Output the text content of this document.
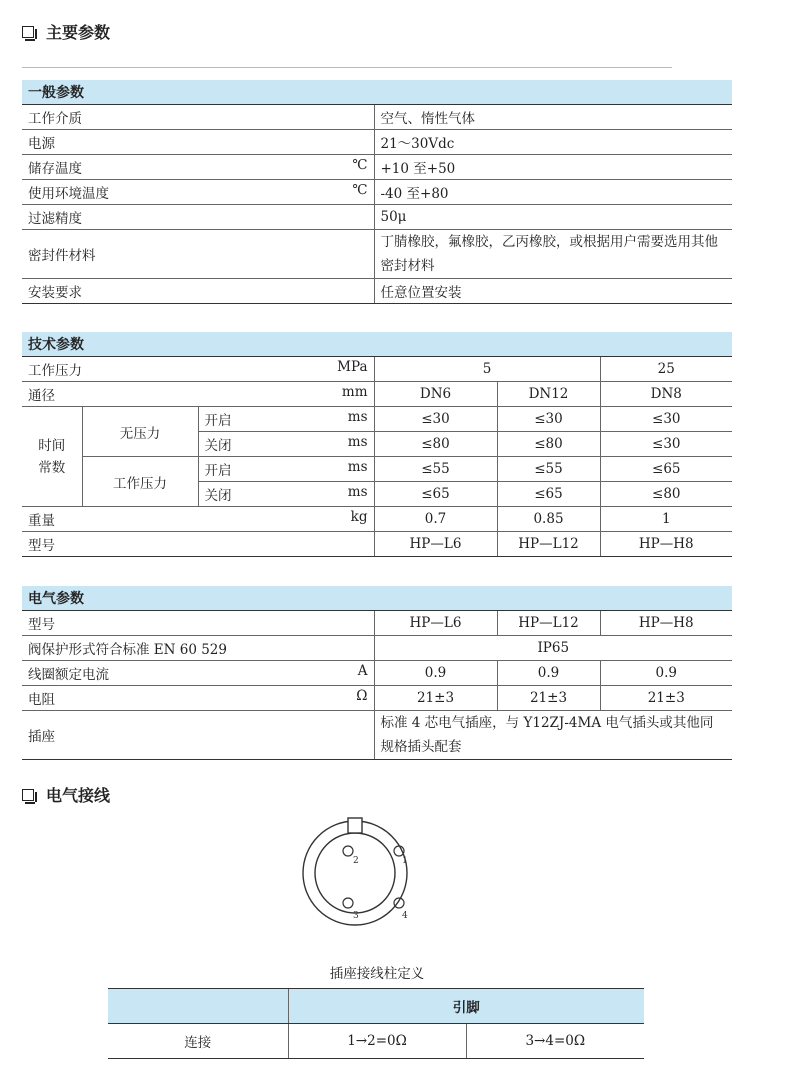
主要参数
一般参数	
工作介质	空气、惰性气体
电源	21～30Vdc
储存温度 ℃	+10 至+50
使用环境温度 ℃	-40 至+80
过滤精度	50μ
密封件材料	丁腈橡胶，氟橡胶，乙丙橡胶，或根据用户需要选用其他密封材料
安装要求	任意位置安装
技术参数					
工作压力 MPa			5		25
通径 mm			DN6	DN12	DN8
时间
常数	无压力	开启 ms	≤30	≤30	≤30
		关闭 ms	≤80	≤80	≤30
	工作压力	开启 ms	≤55	≤55	≤65
		关闭 ms	≤65	≤65	≤80
重量 kg			0.7	0.85	1
型号			HP—L6	HP—L12	HP—H8
电气参数			
型号	HP—L6	HP—L12	HP—H8
阀保护形式符合标准 EN 60 529	IP65		
线圈额定电流 A	0.9	0.9	0.9
电阻 Ω	21±3	21±3	21±3
插座	标准 4 芯电气插座，与 Y12ZJ-4MA 电气插头或其他同规格插头配套		
电气接线
2	1
3	4
插座接线柱定义
	引脚	
连接	1→2=0Ω	3→4=0Ω
